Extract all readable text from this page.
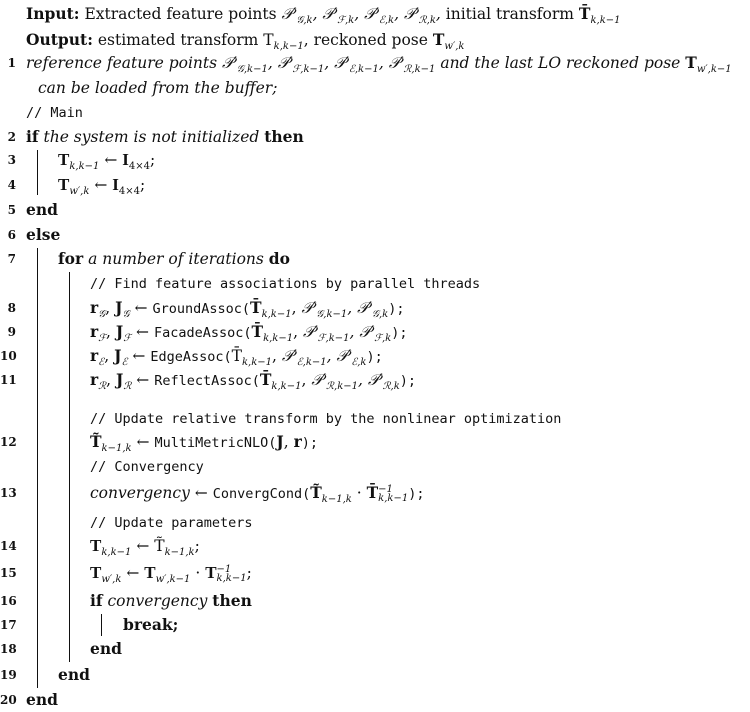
Input: Extracted feature points $𝒫'_{𝒢,k}$, $𝒫'_{ℱ,k}$, $𝒫'_{ℰ,k}$, $𝒫'_{ℛ,k}$, initial transform $T̄_{k,k-1}$
Output: estimated transform $T_{k,k-1}$, reckoned pose $T_{w',k}$
1 reference feature points $𝒫'_{𝒢,k-1}$, $𝒫'_{ℱ,k-1}$, $𝒫'_{ℰ,k-1}$, $𝒫'_{ℛ,k-1}$ and the last LO reckoned pose $T_{w',k-1}$
can be loaded from the buffer;
// Main
2 if the system is not initialized then
3 $T_{k,k-1}$ ← $I_{4\times 4}$;
4 $T_{w',k}$ ← $I_{4\times 4}$;
5 end
6 else
7	for a number of iterations do
// Find feature associations by parallel threads
8	$r_𝒢$, $J_𝒢$ ← $GroundAssoc(T̄_{k,k-1}$, $𝒫'_{𝒢,k-1}$, $𝒫'_{𝒢,k}$);
9	$r_ℱ$, $J_ℱ$ ← $FacadeAssoc(T̄_{k,k-1}$, $𝒫'_{ℱ,k-1}$, $𝒫'_{ℱ,k}$);
10	$r_ℰ$, $J_ℰ$ ← $EdgeAssoc(T̄_{k,k-1}$, $𝒫'_{ℰ,k-1}$, $𝒫'_{ℰ,k}$);
11	$r_ℛ$, $J_ℛ$ ← $ReflectAssoc(T̄_{k,k-1}$, $𝒫'_{ℛ,k-1}$, $𝒫'_{ℛ,k}$);
// Update relative transform by the nonlinear optimization
12	$T̃_{k-1,k}$ ← MultiMetricNLO(J, r);
// Convergency
13	convergency ← $ConvergCond(T̃_{k-1,k}$ · T̄ −1
k,k−1 );
// Update parameters
14	$T_{k,k-1}$ ← $T̃_{k-1,k}$;
15	$T_{w',k}$ ← $T_{w',k-1} \cdot T -1$
k,k−1 ;
16	if convergency then
17	break;
18	end
19	end
20 end
